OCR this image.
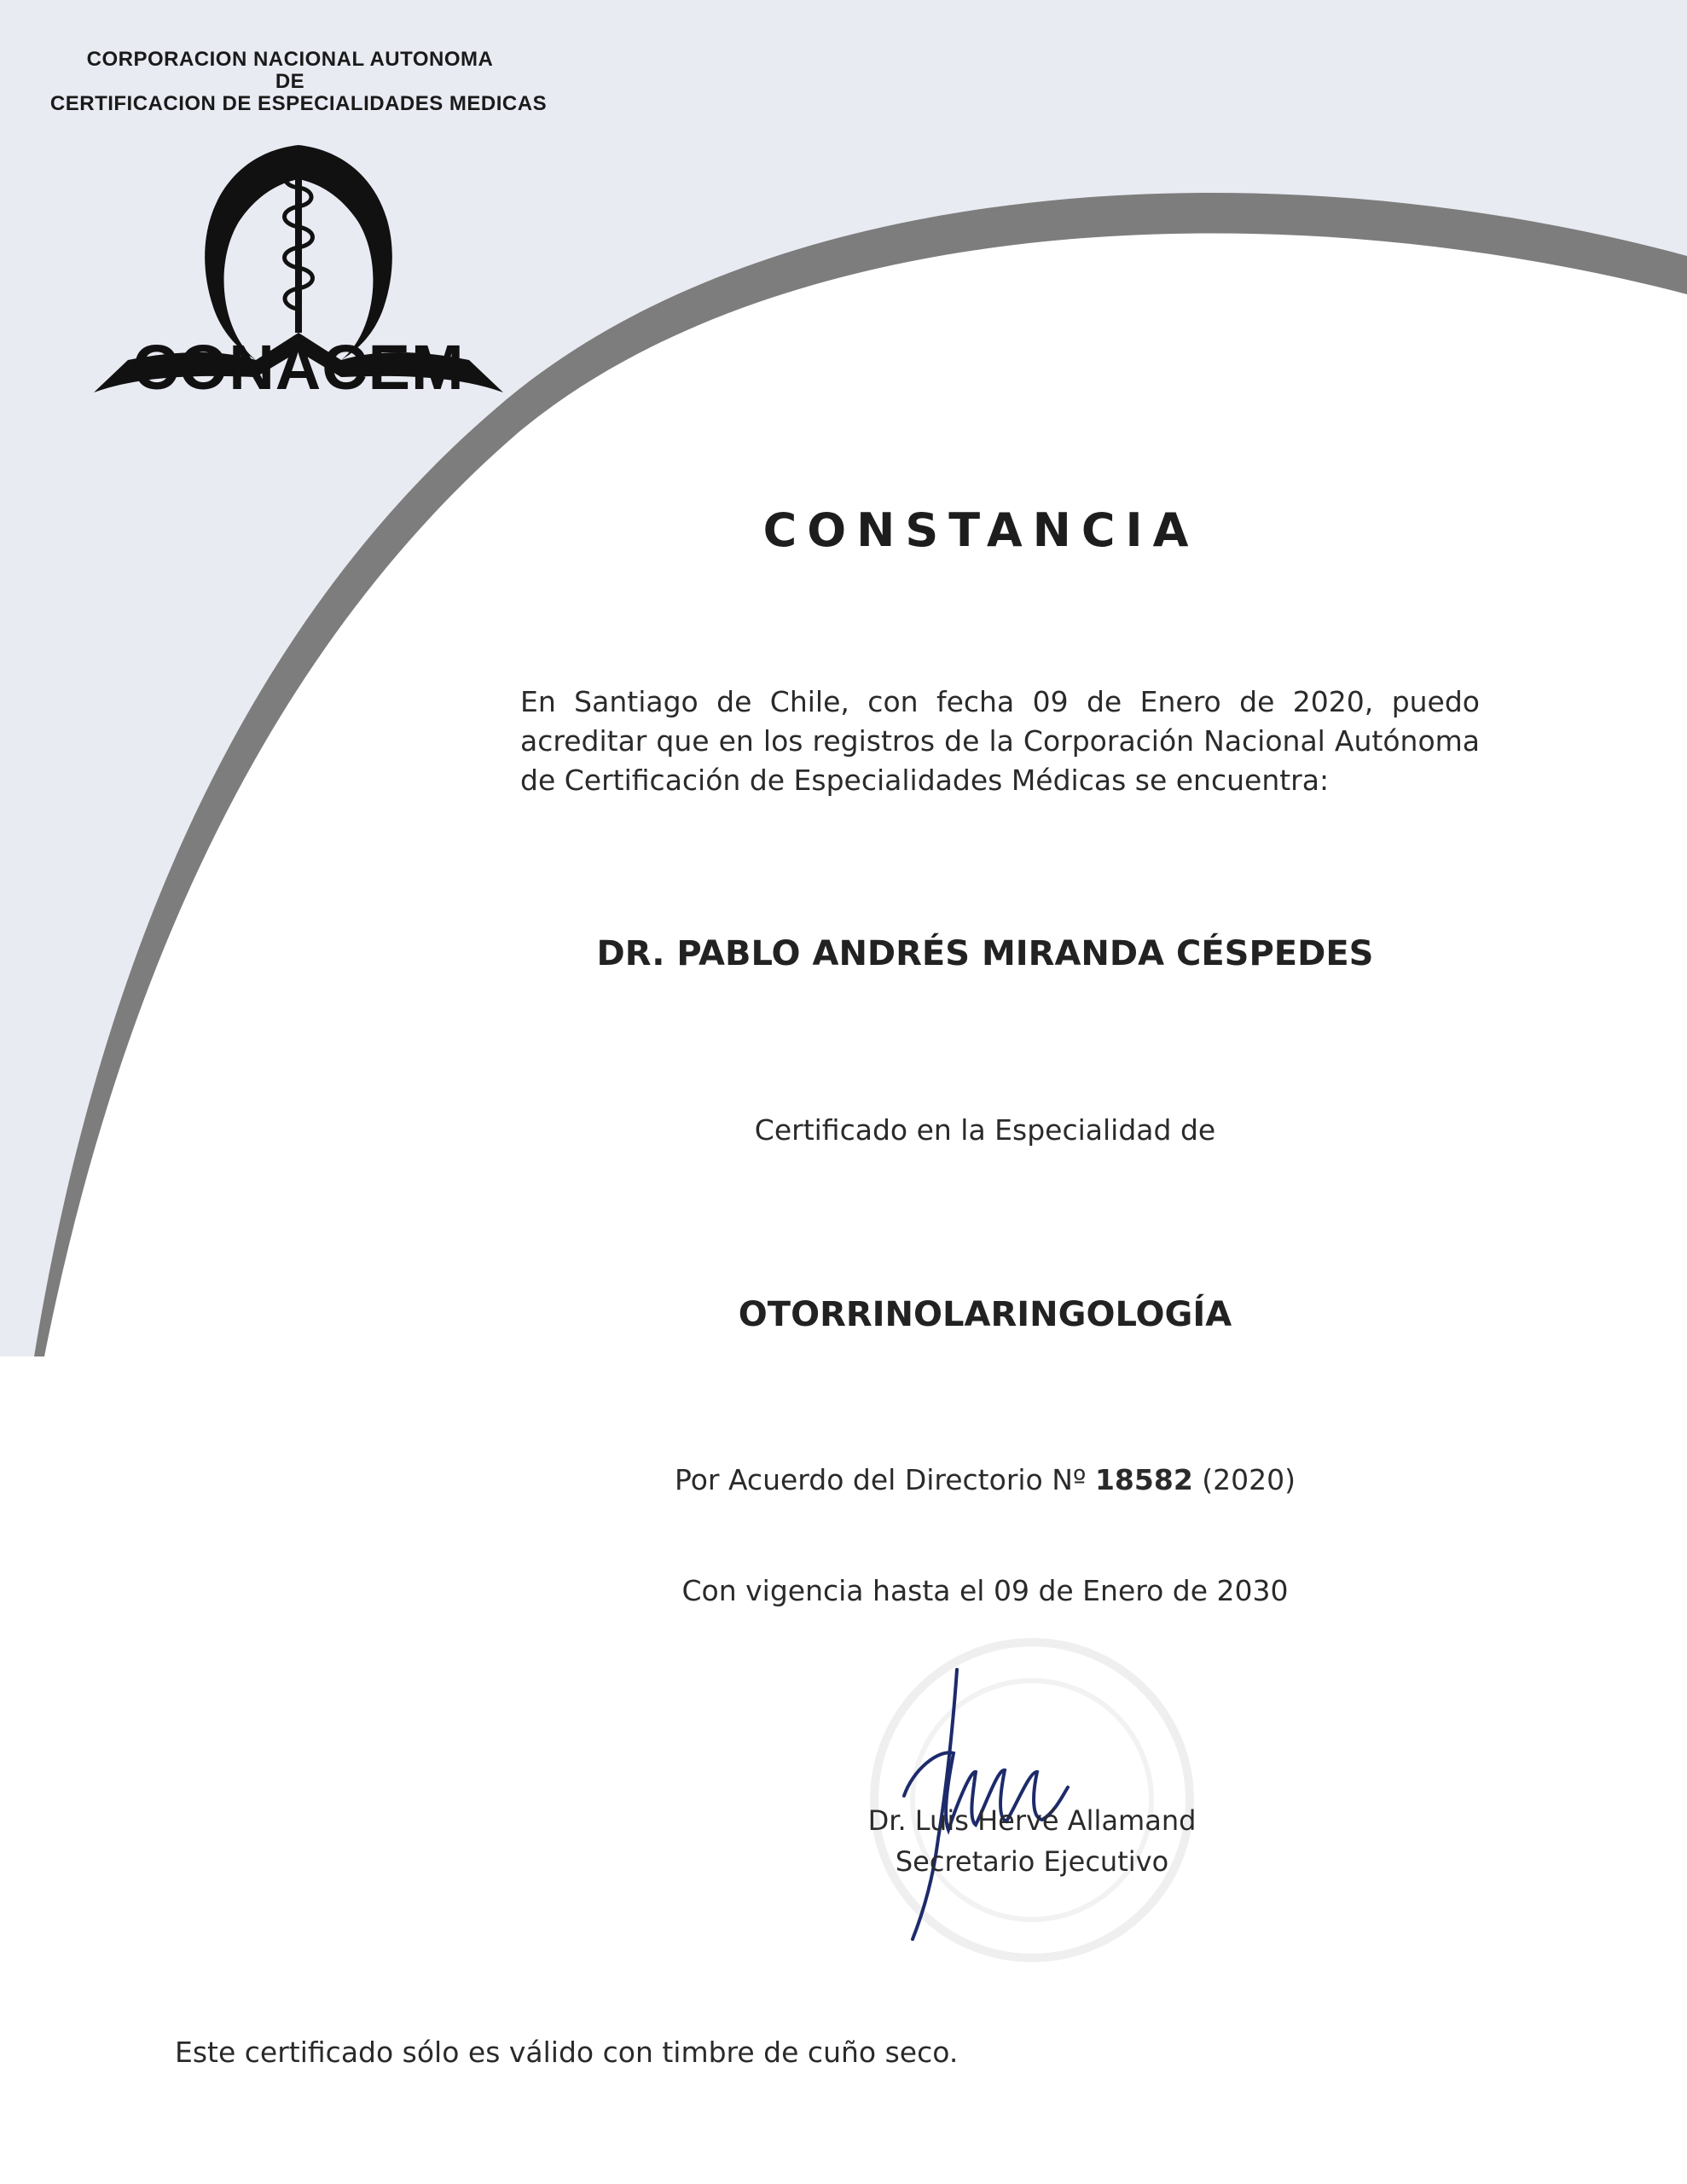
CORPORACION NACIONAL AUTONOMA
DE
CERTIFICACION DE ESPECIALIDADES MEDICAS
CONACEM
CONSTANCIA
En Santiago de Chile, con fecha 09 de Enero de 2020, puedo acreditar que en los registros de la Corporación Nacional Autónoma de Certificación de Especialidades Médicas se encuentra:
DR. PABLO ANDRÉS MIRANDA CÉSPEDES
Certificado en la Especialidad de
OTORRINOLARINGOLOGÍA
Por Acuerdo del Directorio Nº 18582 (2020)
Con vigencia hasta el 09 de Enero de 2030
Dr. Luis Hervé Allamand
Secretario Ejecutivo
Este certificado sólo es válido con timbre de cuño seco.
